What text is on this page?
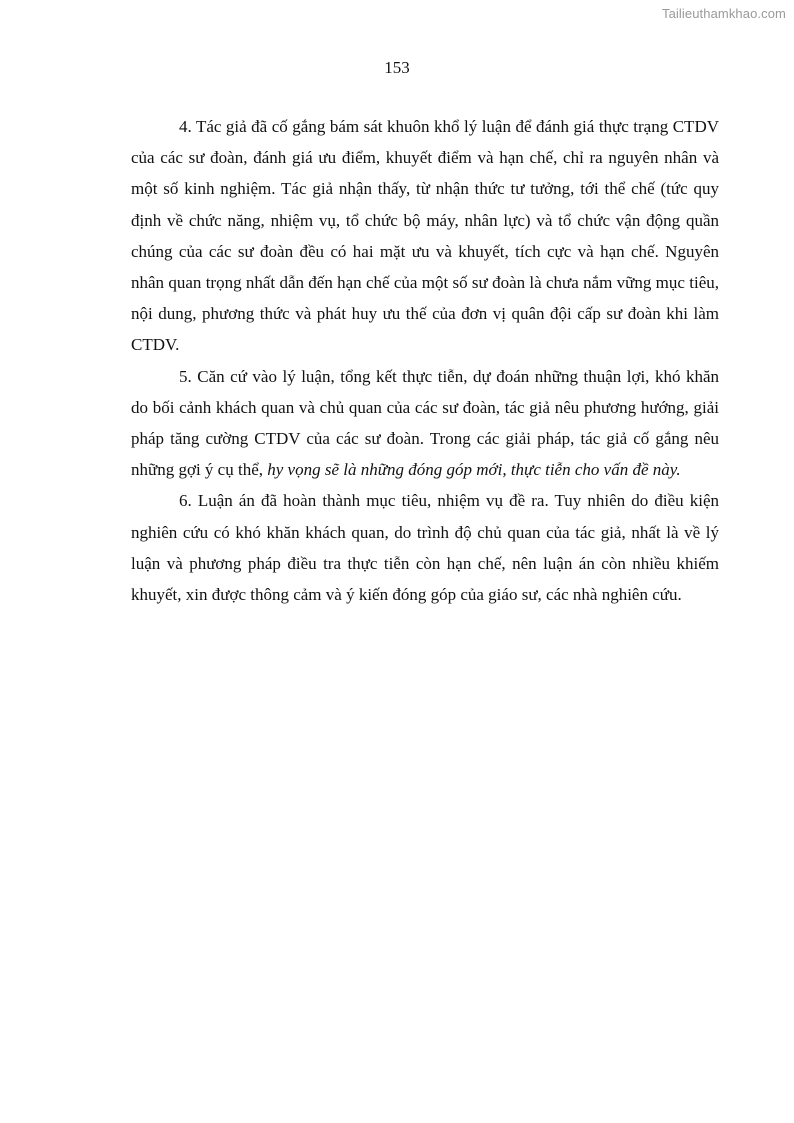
Tailieuthamkhao.com
153

4. Tác giả đã cố gắng bám sát khuôn khổ lý luận để đánh giá thực trạng CTDV của các sư đoàn, đánh giá ưu điểm, khuyết điểm và hạn chế, chỉ ra nguyên nhân và một số kinh nghiệm. Tác giả nhận thấy, từ nhận thức tư tưởng, tới thể chế (tức quy định về chức năng, nhiệm vụ, tổ chức bộ máy, nhân lực) và tổ chức vận động quần chúng của các sư đoàn đều có hai mặt ưu và khuyết, tích cực và hạn chế. Nguyên nhân quan trọng nhất dẫn đến hạn chế của một số sư đoàn là chưa nắm vững mục tiêu, nội dung, phương thức và phát huy ưu thế của đơn vị quân đội cấp sư đoàn khi làm CTDV.

5. Căn cứ vào lý luận, tổng kết thực tiễn, dự đoán những thuận lợi, khó khăn do bối cảnh khách quan và chủ quan của các sư đoàn, tác giả nêu phương hướng, giải pháp tăng cường CTDV của các sư đoàn. Trong các giải pháp, tác giả cố gắng nêu những gợi ý cụ thể, hy vọng sẽ là những đóng góp mới, thực tiễn cho vấn đề này.

6. Luận án đã hoàn thành mục tiêu, nhiệm vụ đề ra. Tuy nhiên do điều kiện nghiên cứu có khó khăn khách quan, do trình độ chủ quan của tác giả, nhất là về lý luận và phương pháp điều tra thực tiễn còn hạn chế, nên luận án còn nhiều khiếm khuyết, xin được thông cảm và ý kiến đóng góp của giáo sư, các nhà nghiên cứu.
